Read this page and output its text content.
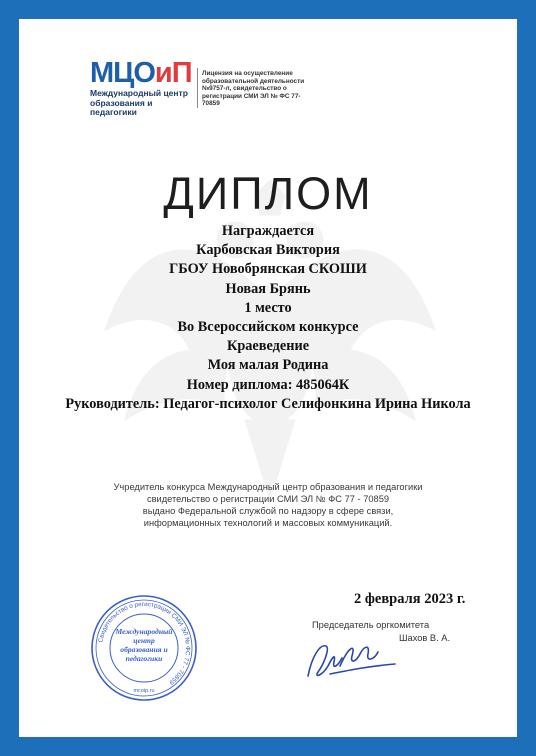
МЦОиП
Международный центр образования и педагогики
Лицензия на осуществление образовательной деятельности №9757-л, свидетельство о регистрации СМИ ЭЛ № ФС 77-70859
ДИПЛОМ
Награждается
Карбовская Виктория
ГБОУ Новобрянская СКОШИ
Новая Брянь
1 место
Во Всероссийском конкурсе
Краеведение
Моя малая Родина
Номер диплома: 485064К
Руководитель: Педагог-психолог Селифонкина Ирина Никола
Учредитель конкурса Международный центр образования и педагогики
свидетельство о регистрации СМИ ЭЛ № ФС 77 - 70859
выдано Федеральной службой по надзору в сфере связи,
информационных технологий и массовых коммуникаций.
2 февраля 2023 г.
Председатель оргкомитета
Шахов В. А.
Свидетельство о регистрации СМИ ЭЛ № ФС 77 - 70859
Международный
центр
образования и
педагогики
mcoip.ru
